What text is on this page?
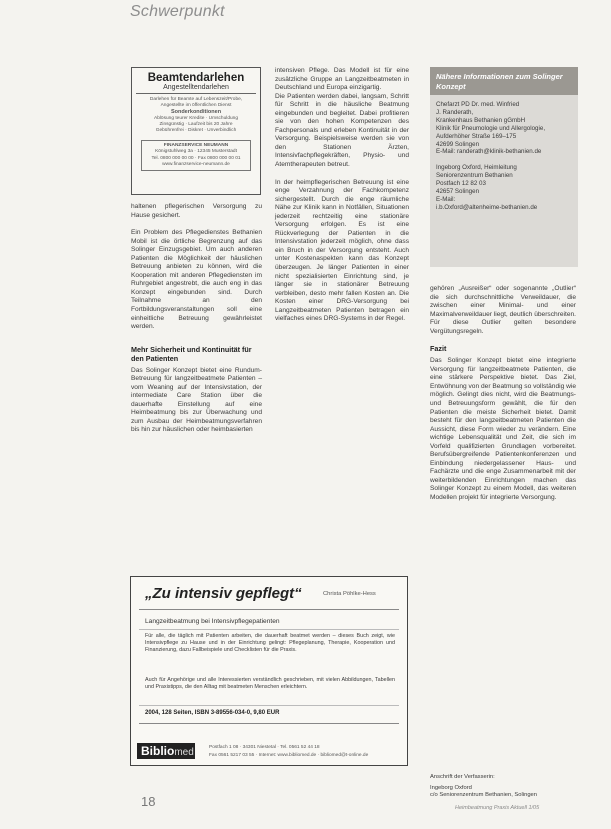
Schwerpunkt
Beamtendarlehen
Angestelltendarlehen
Darlehen für Beamte auf Lebenszeit/Probe,
Angestellte im öffentlichen Dienst
Sonderkonditionen
Ablösung teurer Kredite · Umschuldung
Zinsgünstig · Laufzeit bis 20 Jahre
Gebührenfrei · Diskret · Unverbindlich
FINANZSERVICE NEUMANN
Königstuhlweg 3a · 12345 Musterstadt
Tel. 0800 000 00 00 · Fax 0800 000 00 01
www.finanzservice-neumann.de

haltenen pflegerischen Versorgung zu Hause gesichert.

Ein Problem des Pflegedienstes Bethanien Mobil ist die örtliche Begrenzung auf das Solinger Einzugsgebiet. Um auch anderen Patienten die Möglichkeit der häuslichen Betreuung anbieten zu können, wird die Kooperation mit anderen Pflegediensten im Ruhrgebiet angestrebt, die auch eng in das Konzept eingebunden sind. Durch Teilnahme an den Fortbildungsveranstaltungen soll eine einheitliche Betreuung gewährleistet werden.

Mehr Sicherheit und Kontinuität für den Patienten

Das Solinger Konzept bietet eine Rundum-Betreuung für langzeitbeatmete Patienten – vom Weaning auf der Intensivstation, der intermediate Care Station über die dauerhafte Einstellung auf eine Heimbeatmung bis zur Überwachung und zum Ausbau der Heimbeatmungsverfahren bis hin zur häuslichen oder heimbasierten

intensiven Pflege. Das Modell ist für eine zusätzliche Gruppe an Langzeitbeatmeten in Deutschland und Europa einzigartig.

Die Patienten werden dabei, langsam, Schritt für Schritt in die häusliche Beatmung eingebunden und begleitet. Dabei profitieren sie von den hohen Kompetenzen des Fachpersonals und erleben Kontinuität in der Versorgung. Beispielsweise werden sie von den Stationen Ärzten, Intensivfachpflegekräften, Physio- und Atemtherapeuten betreut.

In der heimpflegerischen Betreuung ist eine enge Verzahnung der Fachkompetenz sichergestellt. Durch die enge räumliche Nähe zur Klinik kann in Notfällen, Situationen jederzeit rechtzeitig eine stationäre Versorgung erfolgen. Es ist eine Rückverlegung der Patienten in die Intensivstation jederzeit möglich, ohne dass ein Bruch in der Versorgung entsteht. Auch unter Kostenaspekten kann das Konzept überzeugen. Je länger Patienten in einer nicht spezialisierten Einrichtung sind, je länger sie in stationärer Betreuung verbleiben, desto mehr fallen Kosten an. Die Kosten einer DRG-Versorgung bei Langzeitbeatmeten Patienten betragen ein vielfaches eines DRG-Systems in der Regel.

Nähere Informationen zum Solinger Konzept

Chefarzt PD Dr. med. Winfried

J. Randerath,

Krankenhaus Bethanien gGmbH

Klinik für Pneumologie und Allergologie, Aufderhöher Straße 169–175

42699 Solingen

E-Mail: randerath@klinik-bethanien.de

Ingeborg Oxford, Heimleitung

Seniorenzentrum Bethanien

Postfach 12 82 03

42657 Solingen

E-Mail:

i.b.Oxford@altenheime-bethanien.de

gehören „Ausreißer“ oder sogenannte „Outlier“ die sich durchschnittliche Verweildauer, die zwischen einer Minimal- und einer Maximalverweildauer liegt, deutlich überschreiten. Für diese Outlier gelten besondere Vergütungsregeln.

Fazit

Das Solinger Konzept bietet eine integrierte Versorgung für langzeitbeatmete Patienten, die eine stärkere Perspektive bietet. Das Ziel, Entwöhnung von der Beatmung so vollständig wie möglich. Gelingt dies nicht, wird die Beatmungs- und Betreuungsform gewählt, die für den Patienten die meiste Sicherheit bietet. Damit besteht für den langzeitbeatmeten Patienten die Aussicht, diese Form wieder zu verändern. Eine wichtige Lebensqualität und Zeit, die sich im Vorfeld qualifizierten Grundlagen vorbereitet. Berufsübergreifende Patientenkonferenzen und Einbindung niedergelassener Haus- und Fachärzte und die enge Zusammenarbeit mit der weiterbildenden Einrichtungen machen das Solinger Konzept zu einem Modell, das weiteren Modellen projekt für integrierte Versorgung.

Anschrift der Verfasserin:

Ingeborg Oxford

c/o Seniorenzentrum Bethanien, Solingen

„Zu intensiv gepflegt“	Christa Pöhlke-Hess
Langzeitbeatmung bei Intensivpflegepatienten

Für alle, die täglich mit Patienten arbeiten, die dauerhaft beatmet werden – dieses Buch zeigt, wie Intensivpflege zu Hause und in der Einrichtung gelingt: Pflegeplanung, Therapie, Kooperation und Finanzierung, dazu Fallbeispiele und Checklisten für die Praxis.

Auch für Angehörige und alle Interessierten verständlich geschrieben, mit vielen Abbildungen, Tabellen und Praxistipps, die den Alltag mit beatmeten Menschen erleichtern.

2004, 128 Seiten, ISBN 3-89556-034-0, 9,80 EUR
Bibliomed	Postfach 1 08 · 34301 Niestetal · Tel. 0561 52 44 18
Fax 0561 5217 03 55 · Internet: www.bibliomed.de · bibliomed@t-online.de
18	Heimbeatmung Praxis Aktuell 1/05
